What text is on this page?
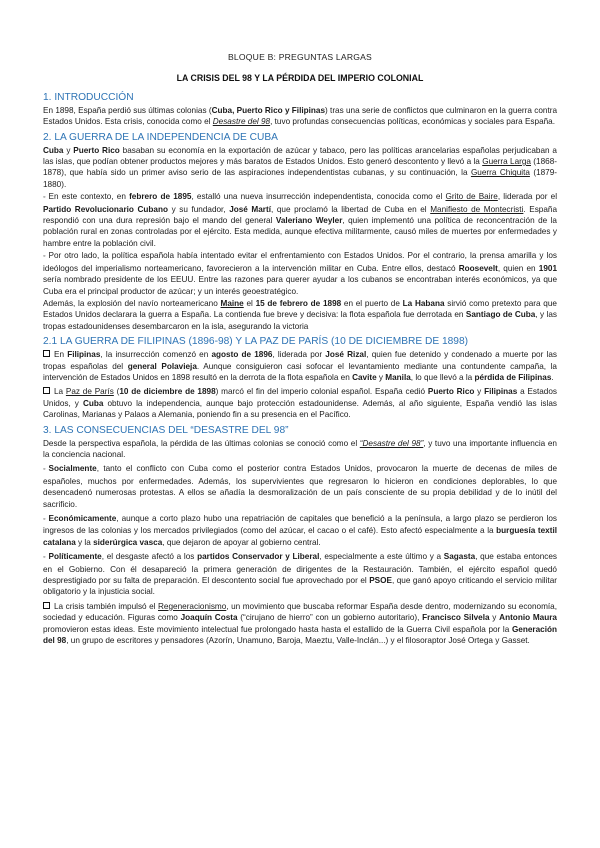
BLOQUE B: PREGUNTAS LARGAS
LA CRISIS DEL 98 Y LA PÉRDIDA DEL IMPERIO COLONIAL
1. INTRODUCCIÓN

En 1898, España perdió sus últimas colonias (Cuba, Puerto Rico y Filipinas) tras una serie de conflictos que culminaron en la guerra contra Estados Unidos. Esta crisis, conocida como el Desastre del 98, tuvo profundas consecuencias políticas, económicas y sociales para España.

2. LA GUERRA DE LA INDEPENDENCIA DE CUBA

Cuba y Puerto Rico basaban su economía en la exportación de azúcar y tabaco, pero las políticas arancelarias españolas perjudicaban a las islas, que podían obtener productos mejores y más baratos de Estados Unidos. Esto generó descontento y llevó a la Guerra Larga (1868-1878), que había sido un primer aviso serio de las aspiraciones independentistas cubanas, y su continuación, la Guerra Chiquita (1879-1880).

◦ En este contexto, en febrero de 1895, estalló una nueva insurrección independentista, conocida como el Grito de Baire, liderada por el Partido Revolucionario Cubano y su fundador, José Martí, que proclamó la libertad de Cuba en el Manifiesto de Montecristi. España respondió con una dura represión bajo el mando del general Valeriano Weyler, quien implementó una política de reconcentración de la población rural en zonas controladas por el ejército. Esta medida, aunque efectiva militarmente, causó miles de muertes por enfermedades y hambre entre la población civil.

◦ Por otro lado, la política española había intentado evitar el enfrentamiento con Estados Unidos. Por el contrario, la prensa amarilla y los ideólogos del imperialismo norteamericano, favorecieron a la intervención militar en Cuba. Entre ellos, destacó Roosevelt, quien en 1901 sería nombrado presidente de los EEUU. Entre las razones para querer ayudar a los cubanos se encontraban interés económicos, ya que Cuba era el principal productor de azúcar; y un interés geoestratégico.

Además, la explosión del navío norteamericano Maine el 15 de febrero de 1898 en el puerto de La Habana sirvió como pretexto para que Estados Unidos declarara la guerra a España. La contienda fue breve y decisiva: la flota española fue derrotada en Santiago de Cuba, y las tropas estadounidenses desembarcaron en la isla, asegurando la victoria

2.1 LA GUERRA DE FILIPINAS (1896-98) Y LA PAZ DE PARÍS (10 DE DICIEMBRE DE 1898)

En Filipinas, la insurrección comenzó en agosto de 1896, liderada por José Rizal, quien fue detenido y condenado a muerte por las tropas españolas del general Polavieja. Aunque consiguieron casi sofocar el levantamiento mediante una contundente campaña, la intervención de Estados Unidos en 1898 resultó en la derrota de la flota española en Cavite y Manila, lo que llevó a la pérdida de Filipinas.

La Paz de París (10 de diciembre de 1898) marcó el fin del imperio colonial español. España cedió Puerto Rico y Filipinas a Estados Unidos, y Cuba obtuvo la independencia, aunque bajo protección estadounidense. Además, al año siguiente, España vendió las islas Carolinas, Marianas y Palaos a Alemania, poniendo fin a su presencia en el Pacífico.

3. LAS CONSECUENCIAS DEL “DESASTRE DEL 98”

Desde la perspectiva española, la pérdida de las últimas colonias se conoció como el “Desastre del 98”, y tuvo una importante influencia en la conciencia nacional.

◦ Socialmente, tanto el conflicto con Cuba como el posterior contra Estados Unidos, provocaron la muerte de decenas de miles de españoles, muchos por enfermedades. Además, los supervivientes que regresaron lo hicieron en condiciones deplorables, lo que desencadenó numerosas protestas. A ellos se añadía la desmoralización de un país consciente de su propia debilidad y de lo inútil del sacrificio.

◦ Económicamente, aunque a corto plazo hubo una repatriación de capitales que benefició a la península, a largo plazo se perdieron los ingresos de las colonias y los mercados privilegiados (como del azúcar, el cacao o el café). Esto afectó especialmente a la burguesía textil catalana y la siderúrgica vasca, que dejaron de apoyar al gobierno central.

◦ Políticamente, el desgaste afectó a los partidos Conservador y Liberal, especialmente a este último y a Sagasta, que estaba entonces en el Gobierno. Con él desapareció la primera generación de dirigentes de la Restauración. También, el ejército español quedó desprestigiado por su falta de preparación. El descontento social fue aprovechado por el PSOE, que ganó apoyo criticando el servicio militar obligatorio y la injusticia social.

La crisis también impulsó el Regeneracionismo, un movimiento que buscaba reformar España desde dentro, modernizando su economía, sociedad y educación. Figuras como Joaquín Costa (“cirujano de hierro” con un gobierno autoritario), Francisco Silvela y Antonio Maura promovieron estas ideas. Este movimiento intelectual fue prolongado hasta hasta el estallido de la Guerra Civil española por la Generación del 98, un grupo de escritores y pensadores (Azorín, Unamuno, Baroja, Maeztu, Valle-Inclán...) y el filosoraptor José Ortega y Gasset.
